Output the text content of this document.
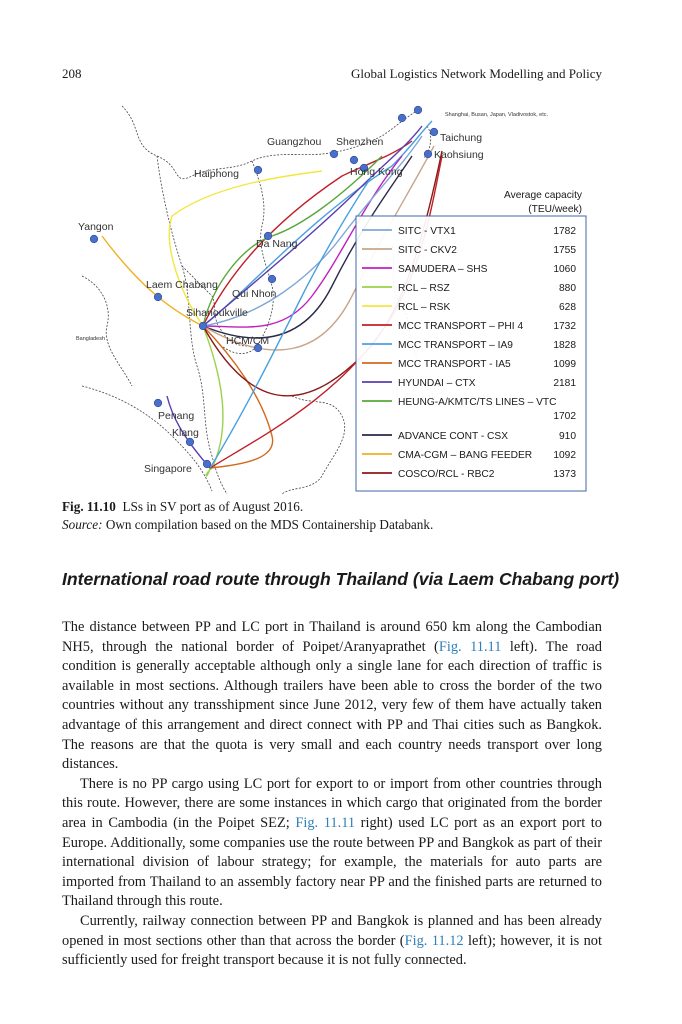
208	Global Logistics Network Modelling and Policy
Shanghai, Busan, Japan, Vladivostok, etc.
Guangzhou Shenzhen	Taichung
Kaohsiung
Haiphong	Hong Kong
Yangon
Da Nang
Laem Chabang
Qui Nhon
Sihanoukville
Bangladesh	HCM/CM
Penang
Klang
Singapore
Average capacity
(TEU/week)
SITC - VTX1	1782
SITC - CKV2	1755
SAMUDERA – SHS	1060
RCL – RSZ	880
RCL – RSK	628
MCC TRANSPORT – PHI 4	1732
MCC TRANSPORT – IA9	1828
MCC TRANSPORT - IA5	1099
HYUNDAI – CTX	2181
HEUNG-A/KMTC/TS LINES – VTC
1702
ADVANCE CONT - CSX	910
CMA-CGM – BANG FEEDER 1092
COSCO/RCL - RBC2	1373
Fig. 11.10 LSs in SV port as of August 2016.
Source: Own compilation based on the MDS Containership Databank.
International road route through Thailand (via Laem Chabang port)

The distance between PP and LC port in Thailand is around 650 km along the Cambodian NH5, through the national border of Poipet/Aranyaprathet (Fig. 11.11 left). The road condition is generally acceptable although only a single lane for each direction of traffic is available in most sections. Although trailers have been able to cross the border of the two countries without any transshipment since June 2012, very few of them have actually taken advantage of this arrangement and direct connect with PP and Thai cities such as Bangkok. The reasons are that the quota is very small and each country needs transport over long distances.

There is no PP cargo using LC port for export to or import from other countries through this route. However, there are some instances in which cargo that originated from the border area in Cambodia (in the Poipet SEZ; Fig. 11.11 right) used LC port as an export port to Europe. Additionally, some companies use the route between PP and Bangkok as part of their international division of labour strategy; for example, the materials for auto parts are imported from Thailand to an assembly factory near PP and the finished parts are returned to Thailand through this route.

Currently, railway connection between PP and Bangkok is planned and has been already opened in most sections other than that across the border (Fig. 11.12 left); however, it is not sufficiently used for freight transport because it is not fully connected.
